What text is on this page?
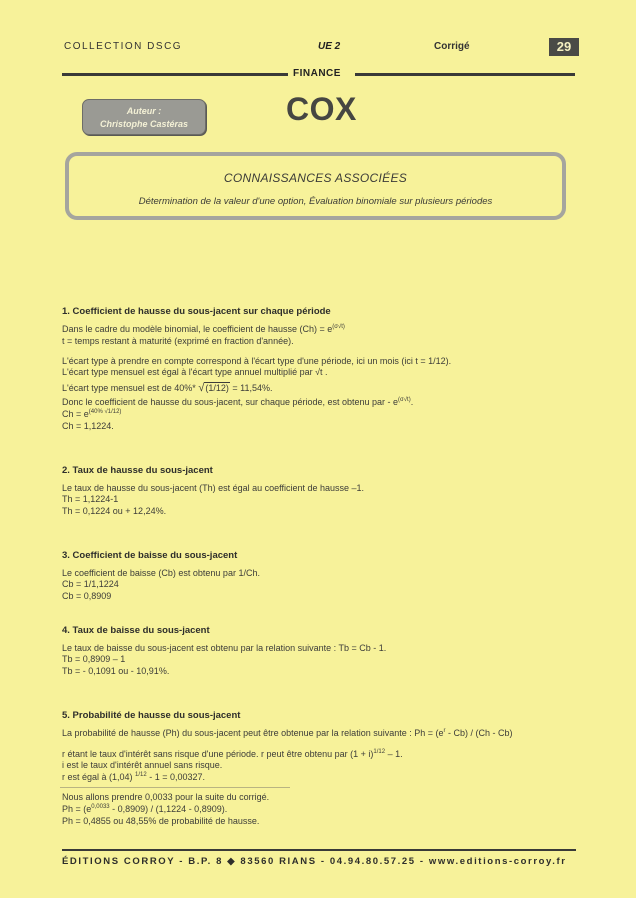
COLLECTION DSCG	UE 2	Corrigé	29
FINANCE
Auteur :
Christophe Castéras	COX
CONNAISSANCES ASSOCIÉES
Détermination de la valeur d'une option, Évaluation binomiale sur plusieurs périodes
1. Coefficient de hausse du sous-jacent sur chaque période
Dans le cadre du modèle binomial, le coefficient de hausse $(Ch) = e^{(\sigma√t)}$
t = temps restant à maturité (exprimé en fraction d'année).
L'écart type à prendre en compte correspond à l'écart type d'une période, ici un mois (ici t = 1/12).
L'écart type mensuel est égal à l'écart type annuel multiplié par √t .
L'écart type mensuel est de 40%* √(1/12) = 11,54%.
Donc le coefficient de hausse du sous-jacent, sur chaque période, est obtenu par - $e^{(\sigma√t)}$.
$Ch = e^{(40\% √1/12)}$
Ch = 1,1224.
2. Taux de hausse du sous-jacent
Le taux de hausse du sous-jacent (Th) est égal au coefficient de hausse –1.
Th = 1,1224-1
Th = 0,1224 ou + 12,24%.
3. Coefficient de baisse du sous-jacent
Le coefficient de baisse (Cb) est obtenu par 1/Ch.
Cb = 1/1,1224
Cb = 0,8909
4. Taux de baisse du sous-jacent
Le taux de baisse du sous-jacent est obtenu par la relation suivante : Tb = Cb - 1.
Tb = 0,8909 – 1
Tb = - 0,1091 ou - 10,91%.
5. Probabilité de hausse du sous-jacent
La probabilité de hausse (Ph) du sous-jacent peut être obtenue par la relation suivante : $Ph = (e^r - Cb) / (Ch - Cb)$
r étant le taux d'intérêt sans risque d'une période. r peut être obtenu par $(1 + i)^{1/12} - 1$.
i est le taux d'intérêt annuel sans risque.
r est égal à (1,04) $^{1/12}$ - 1 = 0,00327.
Nous allons prendre 0,0033 pour la suite du corrigé.
$Ph = (e^{0,0033} - 0,8909) / (1,1224 - 0,8909)$.
Ph = 0,4855 ou 48,55% de probabilité de hausse.
ÉDITIONS CORROY - B.P. 8 ◆ 83560 RIANS - 04.94.80.57.25 - www.editions-corroy.fr
